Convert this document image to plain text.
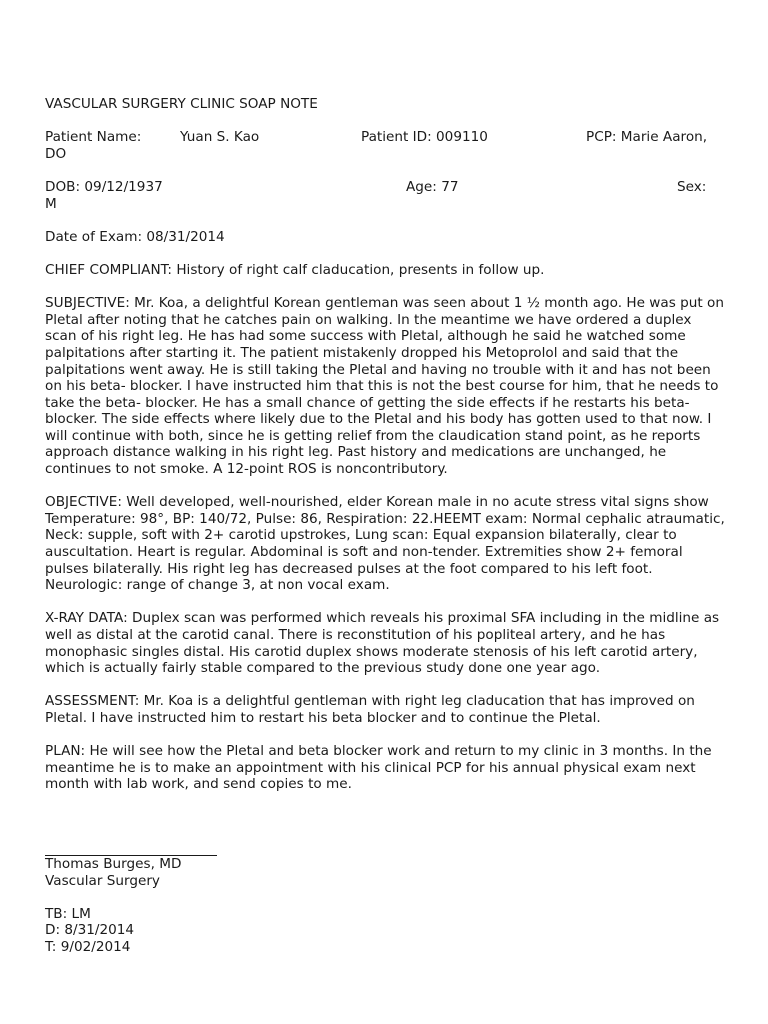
VASCULAR SURGERY CLINIC SOAP NOTE
Patient Name:	Yuan S. Kao	Patient ID: 009110	PCP: Marie Aaron,
DO
DOB: 09/12/1937	Age: 77	Sex:
M
Date of Exam: 08/31/2014
CHIEF COMPLIANT: History of right calf claducation, presents in follow up.
SUBJECTIVE: Mr. Koa, a delightful Korean gentleman was seen about 1 ½ month ago. He was put on Pletal after noting that he catches pain on walking. In the meantime we have ordered a duplex scan of his right leg. He has had some success with Pletal, although he said he watched some palpitations after starting it. The patient mistakenly dropped his Metoprolol and said that the palpitations went away. He is still taking the Pletal and having no trouble with it and has not been on his beta- blocker. I have instructed him that this is not the best course for him, that he needs to take the beta- blocker. He has a small chance of getting the side effects if he restarts his beta- blocker. The side effects where likely due to the Pletal and his body has gotten used to that now. I will continue with both, since he is getting relief from the claudication stand point, as he reports approach distance walking in his right leg. Past history and medications are unchanged, he continues to not smoke. A 12-point ROS is noncontributory.
OBJECTIVE: Well developed, well-nourished, elder Korean male in no acute stress vital signs show Temperature: 98°, BP: 140/72, Pulse: 86, Respiration: 22.HEEMT exam: Normal cephalic atraumatic, Neck: supple, soft with 2+ carotid upstrokes, Lung scan: Equal expansion bilaterally, clear to auscultation. Heart is regular. Abdominal is soft and non-tender. Extremities show 2+ femoral pulses bilaterally. His right leg has decreased pulses at the foot compared to his left foot. Neurologic: range of change 3, at non vocal exam.
X-RAY DATA: Duplex scan was performed which reveals his proximal SFA including in the midline as well as distal at the carotid canal. There is reconstitution of his popliteal artery, and he has monophasic singles distal. His carotid duplex shows moderate stenosis of his left carotid artery, which is actually fairly stable compared to the previous study done one year ago.
ASSESSMENT: Mr. Koa is a delightful gentleman with right leg claducation that has improved on Pletal. I have instructed him to restart his beta blocker and to continue the Pletal.
PLAN: He will see how the Pletal and beta blocker work and return to my clinic in 3 months. In the meantime he is to make an appointment with his clinical PCP for his annual physical exam next month with lab work, and send copies to me.
Thomas Burges, MD
Vascular Surgery
TB: LM
D: 8/31/2014
T: 9/02/2014
